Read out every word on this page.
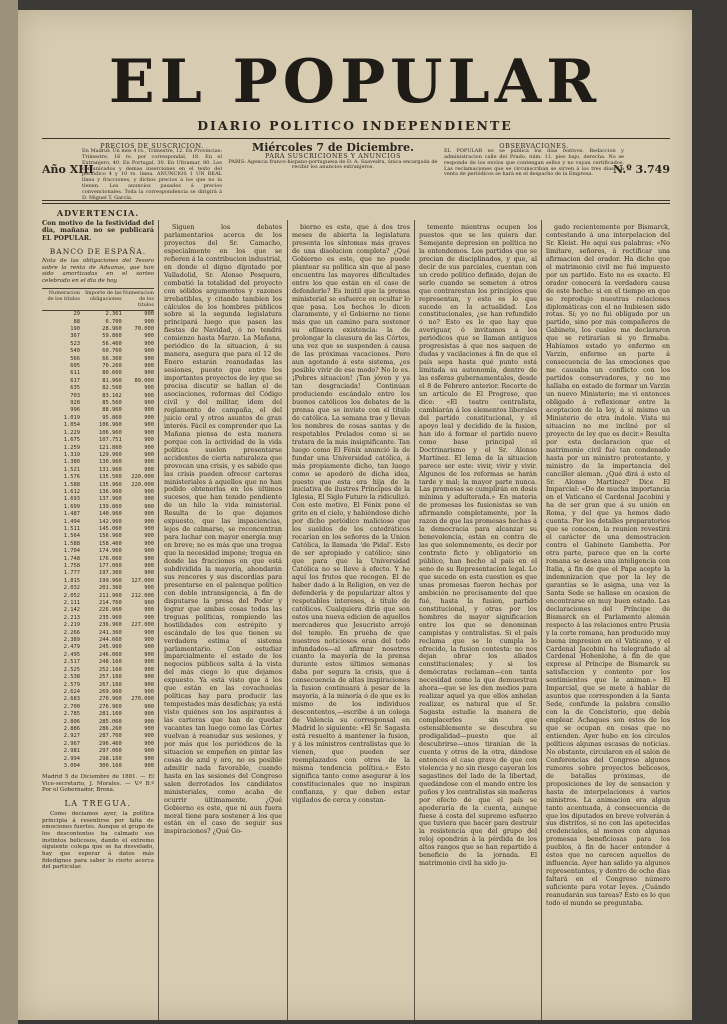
EL POPULAR
DIARIO POLITICO INDEPENDIENTE
Año XIII
PRECIOS DE SUSCRICION.
En Madrid: Un mes 4 rs., Trimestre, 12. En Provincias: Trimestre, 16 rs. por correspondal, 18. En el Extranjero, 40. En Portugal, 30. En Ultramar, 80. Los comunicados y demas inserciones en el texto del periódico 4 y 10 rs. línea. ANUNCIOS 1 UN REAL línea y fracciones, y dichos precios á los que no la tienen. Los anuncios pasados á precios convencionales. Toda la correspondencia se dirigirá á D. Miguel T. García.
Miércoles 7 de Diciembre.
PARA SUSCRICIONES Y ANUNCIOS
PARIS: Agencia franco-hispano-portuguesa de D. A. Saavedra, única encargada de recibir los anuncios extranjeros.
OBSERVACIONES.
EL POPULAR no se publica los dias festivos. Redaccion y administracion calle del Prado, núm. 11, piso bajo, derecha. No se responde de los envíos que contengan sellos y no vayan certificados. Las reclamaciones que se circunscriban se sirven á los tres dias. La venta de periódicos se hará en el despacho de la Empresa.	N.º 3.749
ADVERTENCIA.
Con motivo de la festividad del dia, mañana no se publicará EL POPULAR.
BANCO DE ESPAÑA.
Nota de las obligaciones del Tesoro sobre la renta de Aduanas, que han sido amortizadas en el sorteo celebrado en el dia de hoy.
Numeracion de los títulos
Importe de las obligaciones
Numeracion de los títulos
29	2.361	900
88	6.700	900
190	28.960	70.000
367	59.860	900
523	56.460	900
540	60.760	900
566	66.360	900
605	70.260	900
611	80.660	900
617	81.960	89.000
635	82.560	900
703	83.162	900
928	85.560	900
996	88.960	900
1.019	95.860	900
1.054	106.960	900
1.229	106.960	900
1.675	107.751	900
1.259	121.860	900
1.319	129.960	900
1.380	130.960	900
1.521	131.960	900
1.576	135.560	220.000
1.588	135.960	220.000
1.612	136.960	900
1.693	137.960	900
1.699	139.860	900
1.487	140.960	900
1.494	142.960	900
1.511	145.060	900
1.564	156.960	900
1.588	158.460	900
1.704	174.960	900
1.748	176.060	900
1.758	177.060	900
1.777	197.360	900
1.815	199.960	127.000
2.032	201.360	900
2.052	211.960	212.000
2.111	214.760	900
2.142	226.960	900
2.213	235.960	900
2.219	236.960	227.000
2.266	241.360	900
2.389	244.660	900
2.479	245.960	900
2.495	246.060	900
2.517	248.160	900
2.525	252.160	900
2.538	257.160	900
2.579	267.160	900
2.624	269.960	900
2.683	270.960	270.000
2.700	276.960	900
2.785	281.160	900
2.806	285.060	900
2.886	286.260	900
2.927	287.760	900
2.967	296.460	900
2.981	297.060	900
2.994	298.160	900
3.004	300.160	900
Madrid 5 de Diciembre de 1881. — El Vice-secretario, J. Morales. — V.º B.º Por el Gobernador, Brena.
LA TREGUA.

Como deciamos ayer, la política principia á resentirse por falta de emociones fuertes. Aunque el grupo de los descontentos ha calmado sus instintos belicosos, dando el extremo siguiente colega que se ha desvelado, hay que esperar á datos más fidedignos para saber lo cierto acerca del particular.

Siguen los debates parlamentarios acerca de los proyectos del Sr. Camacho, especialmente en los que se refieren á la contribucion industrial, en donde el digno diputado por Valladolid, Sr. Alonso Pesquera, combatió la totalidad del proyecto con sólidos argumentos y razones irrebatibles, y citando tambien los cálculos de los hombres públicos sobre si la segunda legislatura principará luego que pasen las fiestas de Navidad, ó no tendrá comienzo hasta Marzo. La Mañana, periódico de la situacion, á su manera, asegura que para el 12 de Enero estarán reanudadas las sesiones, puesto que entre los importantes proyectos de ley que se precisa discutir se hallan el de asociaciones, reformas del Código civil y del militar, idem del reglamento de campaña, el del juicio oral y otros asuntos de gran interés. Fácil es comprender que La Mañana piensa de esta manera porque con la actividad de la vida política suelen presentarse accidentes de cierta naturaleza que provocan una crisis, y es sabido que las crisis pueden ofrecer carteras ministeriales á aquellos que no han podido obtenerlas en los últimos sucesos, que han tenido pendiente de un hilo la vida ministerial. Resulta de lo que dejamos expuesto, que las impaciencias, lejos de calmarse, se reconcentran para luchar con mayor energía muy en breve; no es más que una tregua que la necesidad impone; tregua en donde las fracciones en que está subdividida la mayoría, ahondarán sus rencores y sus discordias para presentarse en el palenque político con doble intransigencia, á fin de disputarse la presa del Poder y lograr que ambas cosas todas las treguas políticas, rompiendo las hostilidades con estrépito y escándalo de los que tienen su verdadera estima el sistema parlamentario. Con estudiar imparcialmente el estado de los negocios públicos salta á la vista del más ciego lo que dejamos expuesto. Ya está visto que á los que están en las covachuelas políticas hay para producir las tempestades más desdichas; ya está visto quiénes son los aspirantes á las carteras que han de quedar vacantes tan luego como las Córtes vuelvan á reanudar sus sesiones, y por más que los periódicos de la situacion se empeñen en pintar las cosas de azul y oro, no es posible admitir nada favorable, cuando hasta en las sesiones del Congreso salen derrotados los candidatos ministeriales, como acaba de ocurrir últimamente. ¿Qué Gobierno es este, que ni aun fuera moral tiene para sostener á los que están en el caso de seguir sus inspiraciones? ¿Qué Go-

bierno es este, que á dos tres meses de abierta la legislatura presenta los síntomas más graves de una disolucion completa? ¿Qué Gobierno es este, que no puede plantear su política sin que al paso encuentra las mayores dificultades entre los que están en el caso de defenderle? Es inútil que la prensa ministerial se esfuerce en ocultar lo que pasa. Los hechos lo dicen claramente, y el Gobierno no tiene más que un camino para sostener su efímera existencia: la de prolongar la clausura de las Córtes, una vez que se suspenden á causa de las próximas vacaciones. Pero aun agotando á este sistema, ¿es posible vivir de ese modo? No lo es. ¡Pobres situacion! ¡Tan jóven y ya tan desgraciada! Continúan produciendo escándalo entre los buenos católicos los debates de la prensa que se inviste con el título de católica. La semana trae y llevan los nombres de cosas santas y de respetables Prelados como si se tratara de la más insignificante. Tan luego como El Fénix anunció la de fundar una Universidad católica, á más propiamente dicho, tan luego como se apoderó de dicha idea, puesto que esta era hija de la iniciativa de ilustres Príncipes de la Iglesia, El Siglo Futuro la ridiculizó. Con este motivo, El Fénix pone el grito en el cielo, y habiéndose dicho por dicho periódico malicioso que los sueldos de los catedráticos rocarían en los señores de la Union Católica, la llamada 'de Pidal'. Esto de ser apropiado y católico; sino que para que la Universidad Católica no se lleve á efecto. Y he aquí los frutos que recogen. El de haber dado á la Religion, en vez de defenderla y de popularizar altos y respetables intereses, á título de católicos. Cualquiera diría que son estos una nueva edicion de aquellos mercaderes que Jesucristo arrojó del templo. En prueba de que nuestros noticiosos eran del todo infundados—al afirmar nosotros cuanto la mayoría de la prensa durante estos últimos semanas daba por segura la crisis, que á consecuencia de altas inspiraciones la fusion continuará á pesar de la mayoría, á la minoría ó de que es lo mismo de los individuos descontentos,—escribe á un colega de Valencia su corresponsal en Madrid lo siguiente: «El Sr. Sagasta está resuelto á mantener la fusion, y á los ministros centralistas que lo vienen, que pueden ser reemplazados con otros de la misma tendencia política.» Esto significa tanto como asegurar á los constitucionales que no inspiran confianza, y que deben estar vigilados de cerca y constan-

temente mientras ocupen los puestos que se les quiera dar. Semejante depresion en política no la entendemos. Los partidos que se precian de disciplinados, y que, al decir de sus parciales, cuentan con un credo político definido, dejan de serlo cuando se someten á otros que contrarestan los principios que representan, y esto es lo que sucede en la actualidad. Los constitucionales, ¿se han refundido ó no? Esto es lo que hay que averiguar, ó invitamos á los periódicos que se llaman antiguos progresistas á que nos saquen de dudas y vacilaciones á fin de que el país sepa hasta qué punto está limitada su autonomía, dentro de las esferas gubernamentales, desde el 8 de Febrero anterior. Recorte de un artículo de El Progreso, que dice: «El teatro centralista, cambiarán á los elementos liberales del partido constitucional, y el apoyo leal y decidido de la fusion, han ido á formar el partido nuevo como base principal el Doctrinarismo y el Sr. Alonso Martínez. El lema de la situacion parece ser este: vivir, vivir y vivir. Algunos de los reformas se harán tarde y mal; la mayor parte nunca. Las promesas se cumplirán en dosis mínima y adulterada.» En materia de promesas los fusionistas se van afirmando completamente, por la razon de que las promesas hechas á la democracia para alcanzar su benevolencia, están en contra de las que solemnemente, es decir por contrato ficto y obligatorio en público, han hecho al país en el seno de su Representacion legal. Lo que sucede en esta cuestion es que unas promesas fueron hechas por ambición no precisamente del que fué, hasta la fusion, partido constitucional, y otras por los hombres de mayor significacion entre los que se denominan campistas y centralistas. Si el país reclama que se le cumpla lo ofrecido, la fusion contesta: no nos dejan obrar los aliados constitucionales; y si los demócratas reclaman—con tanta necesidad como la que demuestran ahora—que se les den medios para realizar aquel ya que ellos anhelan realizar, es natural que el Sr. Sagasta estudie la manera de complacerles sin que ostensiblemente se descubra su prodigalidad—puesto que al descubrirse—unos tiranían de la cuenta y otros de la otra, dándose entonces el caso grave de que con violencia y no sin riesgo cayeran los sagastinos del lado de la libertad, quedándose con el mando entre los puños y los centralistas sin mañeras por efecto de que el país se apoderaría de la cuenta, aunque fuese á costa del supremo esfuerzo que tuviera que hacer para destruir la resistencia que del grupo del reloj opondrán á la pérdida de los altos rangos que se han repartido á beneficio de la jornada. El matrimonio civil ha sido ju-

gado recientemente por Bismarck, contestando á una interpelacion del Sr. Kleist. He aquí sus palabras: «No limitare, señores, á rectificar una afirmacion del orador. Ha dicho que el matrimonio civil me fué impuesto por un partido. Esto no es exacto. El orador conocerá la verdadera causa de este hecho: si en el tiempo en que se reprodujo nuestras relaciones diplomáticas con el no hubiesen sido rotas. Sí; yo no fui obligado por un partido, sino por mis compañeros de Gabinete, los cuales me declararon que se retirarían si yo firmaba. Habíamos estado yo enfermo en Varzin, enfermo en parte á consecuencia de las emociones que me causaba un conflicto con los partidos conservadores, y no me hallaba en estado de formar un Varzin un nuevo Ministerio; me vi entonces obligado á reflexionar entre la aceptacion de la ley, á sí mismo un Ministerio de otra índole. Vista mi situacion no me incliné por el proyecto de ley que es decir.» Resulta por esta declaracion que el matrimonio civil fué tan condenado hasta por un ministro protestante, y ministro de la importancia del canciller aleman. ¿Qué dirá á esto el Sr. Alonso Martínez? Dice El Imparcial: «De de mucha importancia en el Vaticano el Cardenal Jacobini y ha de ser gran que á su unión en Roma, y del que ya hemos dado cuenta. Por los detalles preparatorios que se conocen, la reunion revestirá el carácter de una demostracion contra el Gabinete Gambetta. Por otra parte, parece que en la corte romana se desea una inteligencia con Italia, á fin de que el Papa acepte la indemnizacion que por la ley de garantías se le asigna, una vez la Santa Sede se hallase en ocasion de encontrarse en muy buen estado. Las declaraciones del Príncipe de Bismarck en el Parlamento alemán respecto á las relaciones entre Prusia y la corte romana, han producido muy buena impresion en el Vaticano, y el Cardenal Jacobini ha telegrafiado al Cardenal Hohenlohe, á fin de que exprese al Príncipe de Bismarck su satisfaccion y contento por los sentimientos que le animan.» El Imparcial, que se mete á hablar de asuntos que corresponden á la Santa Sede, confunde la palabra consilio con la de Concistorio, que debía emplear. Achaques son estos de los que se ocupan en cosas que no entienden. Ayer hubo en los círculos políticos algunas escasas de noticias. No obstante, circularon en el salon de Conferencias del Congreso algunos rumores sobre proyectos belicosos, de batallas próximas, de proposiciones de ley de sensacion y hasta de interpelaciones á varios ministros. La animacion era algun tanto acentuada, á consecuencia de que los diputados en breve volverán á sus distritos, si no con las apetecidas credenciales, al menos con algunas promesas beneficiosas para los pueblos, á fin de hacer entender á éstos que no carecen aquellos de influencia. Ayer han salido ya algunos representantes, y dentro de ocho dias faltará en el Congreso número suficiente para votar leyes. ¿Cuándo reanudarán sus tareas? Esto es lo que todo el mundo se preguntaba.
